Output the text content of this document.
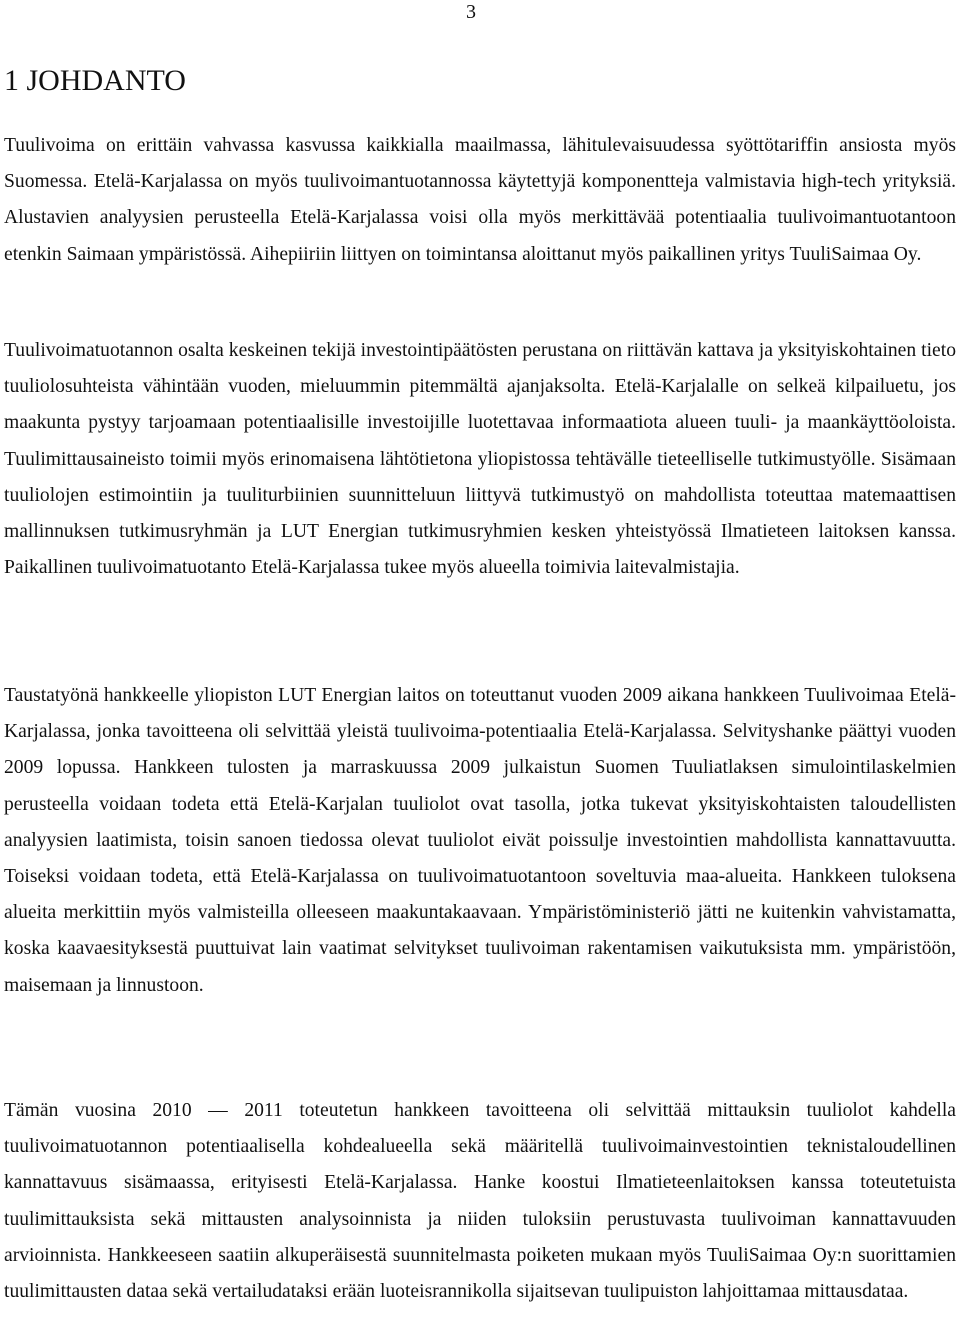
3
1 JOHDANTO

Tuulivoima on erittäin vahvassa kasvussa kaikkialla maailmassa, lähitulevaisuudessa syöttötariffin ansiosta myös Suomessa. Etelä-Karjalassa on myös tuulivoimantuotannossa käytettyjä komponentteja valmistavia high-tech yrityksiä. Alustavien analyysien perusteella Etelä-Karjalassa voisi olla myös merkittävää potentiaalia tuulivoimantuotantoon etenkin Saimaan ympäristössä. Aihepiiriin liittyen on toimintansa aloittanut myös paikallinen yritys TuuliSaimaa Oy.

Tuulivoimatuotannon osalta keskeinen tekijä investointipäätösten perustana on riittävän kattava ja yksityiskohtainen tieto tuuliolosuhteista vähintään vuoden, mieluummin pitemmältä ajanjaksolta. Etelä-Karjalalle on selkeä kilpailuetu, jos maakunta pystyy tarjoamaan potentiaalisille investoijille luotettavaa informaatiota alueen tuuli- ja maankäyttöoloista. Tuulimittausaineisto toimii myös erinomaisena lähtötietona yliopistossa tehtävälle tieteelliselle tutkimustyölle. Sisämaan tuuliolojen estimointiin ja tuuliturbiinien suunnitteluun liittyvä tutkimustyö on mahdollista toteuttaa matemaattisen mallinnuksen tutkimusryhmän ja LUT Energian tutkimusryhmien kesken yhteistyössä Ilmatieteen laitoksen kanssa. Paikallinen tuulivoimatuotanto Etelä-Karjalassa tukee myös alueella toimivia laitevalmistajia.

Taustatyönä hankkeelle yliopiston LUT Energian laitos on toteuttanut vuoden 2009 aikana hankkeen Tuulivoimaa Etelä-Karjalassa, jonka tavoitteena oli selvittää yleistä tuulivoima-potentiaalia Etelä-Karjalassa. Selvityshanke päättyi vuoden 2009 lopussa. Hankkeen tulosten ja marraskuussa 2009 julkaistun Suomen Tuuliatlaksen simulointilaskelmien perusteella voidaan todeta että Etelä-Karjalan tuuliolot ovat tasolla, jotka tukevat yksityiskohtaisten taloudellisten analyysien laatimista, toisin sanoen tiedossa olevat tuuliolot eivät poissulje investointien mahdollista kannattavuutta. Toiseksi voidaan todeta, että Etelä-Karjalassa on tuulivoimatuotantoon soveltuvia maa-alueita. Hankkeen tuloksena alueita merkittiin myös valmisteilla olleeseen maakuntakaavaan. Ympäristöministeriö jätti ne kuitenkin vahvistamatta, koska kaavaesityksestä puuttuivat lain vaatimat selvitykset tuulivoiman rakentamisen vaikutuksista mm. ympäristöön, maisemaan ja linnustoon.

Tämän vuosina 2010 — 2011 toteutetun hankkeen tavoitteena oli selvittää mittauksin tuuliolot kahdella tuulivoimatuotannon potentiaalisella kohdealueella sekä määritellä tuulivoimainvestointien teknistaloudellinen kannattavuus sisämaassa, erityisesti Etelä-Karjalassa. Hanke koostui Ilmatieteenlaitoksen kanssa toteutetuista tuulimittauksista sekä mittausten analysoinnista ja niiden tuloksiin perustuvasta tuulivoiman kannattavuuden arvioinnista. Hankkeeseen saatiin alkuperäisestä suunnitelmasta poiketen mukaan myös TuuliSaimaa Oy:n suorittamien tuulimittausten dataa sekä vertailudataksi erään luoteisrannikolla sijaitsevan tuulipuiston lahjoittamaa mittausdataa.
